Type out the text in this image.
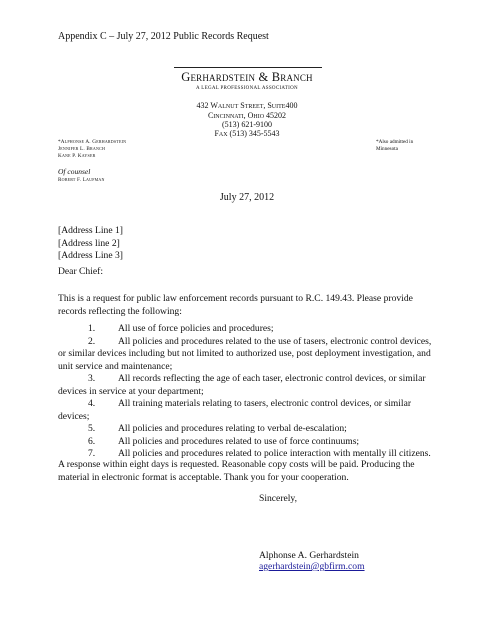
Appendix C – July 27, 2012 Public Records Request
Gerhardstein & Branch
A LEGAL PROFESSIONAL ASSOCIATION
432 Walnut Street, Suite400
Cincinnati, Ohio 45202
(513) 621-9100
Fax (513) 345-5543
*Alphonse A. Gerhardstein
Jennifer L. Branch
Kane P. Kayser
*Also admitted in
Minnesota
Of counsel
Robert F. Laufman
July 27, 2012
[Address Line 1]
[Address line 2]
[Address Line 3]
Dear Chief:

This is a request for public law enforcement records pursuant to R.C. 149.43. Please provide records reflecting the following:

1. All use of force policies and procedures;
2. All policies and procedures related to the use of tasers, electronic control devices, or similar devices including but not limited to authorized use, post deployment investigation, and unit service and maintenance;
3. All records reflecting the age of each taser, electronic control devices, or similar devices in service at your department;
4. All training materials relating to tasers, electronic control devices, or similar devices;
5. All policies and procedures relating to verbal de-escalation;
6. All policies and procedures related to use of force continuums;
7. All policies and procedures related to police interaction with mentally ill citizens.

A response within eight days is requested. Reasonable copy costs will be paid. Producing the material in electronic format is acceptable. Thank you for your cooperation.

Sincerely,
Alphonse A. Gerhardstein
agerhardstein@gbfirm.com
